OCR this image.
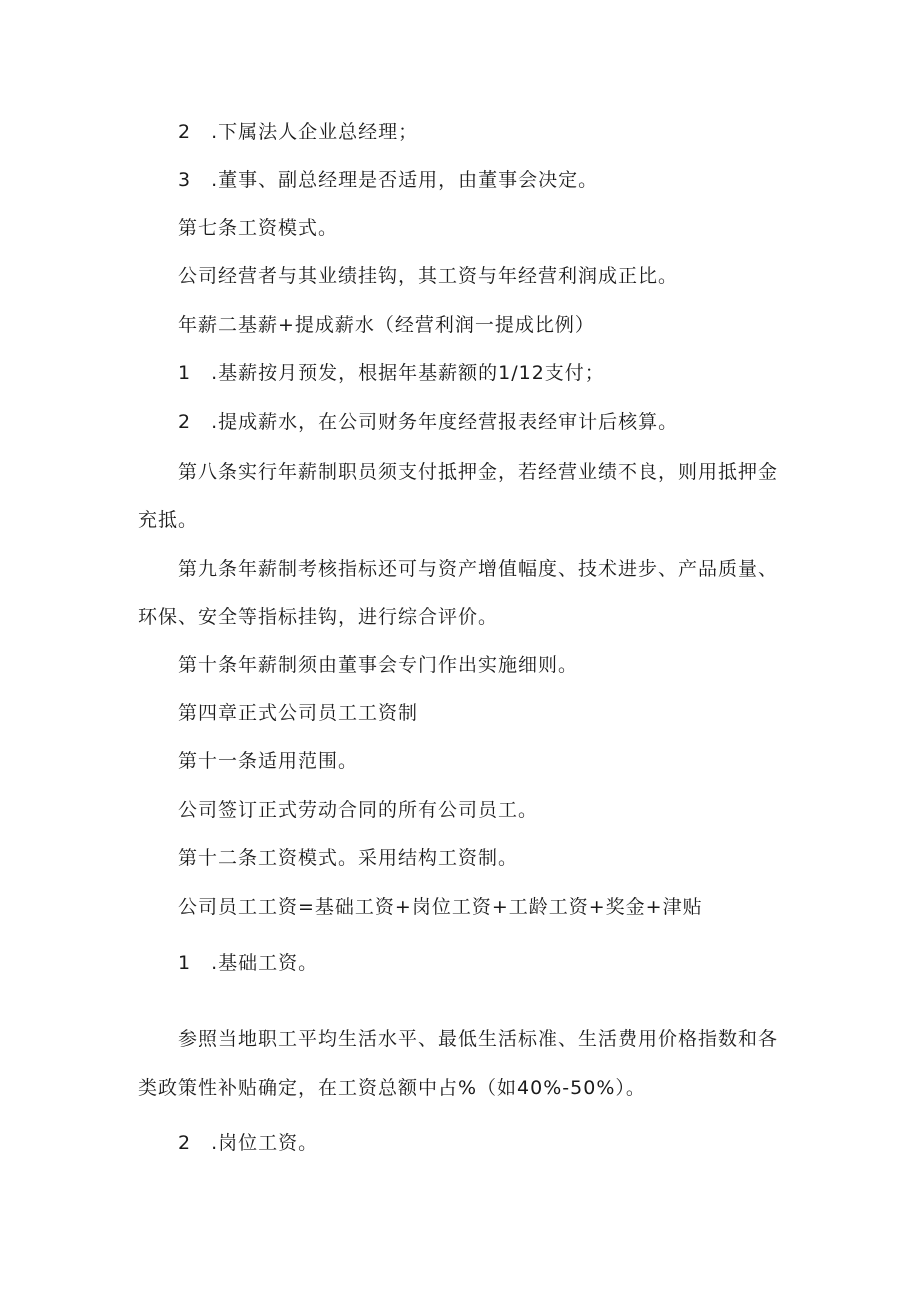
2　.下属法人企业总经理；
3　.董事、副总经理是否适用，由董事会决定。
第七条工资模式。
公司经营者与其业绩挂钩，其工资与年经营利润成正比。
年薪二基薪+提成薪水（经营利润一提成比例）
1　.基薪按月预发，根据年基薪额的1/12支付；
2　.提成薪水，在公司财务年度经营报表经审计后核算。
第八条实行年薪制职员须支付抵押金，若经营业绩不良，则用抵押金
充抵。
第九条年薪制考核指标还可与资产增值幅度、技术进步、产品质量、
环保、安全等指标挂钩，进行综合评价。
第十条年薪制须由董事会专门作出实施细则。
第四章正式公司员工工资制
第十一条适用范围。
公司签订正式劳动合同的所有公司员工。
第十二条工资模式。采用结构工资制。
公司员工工资=基础工资+岗位工资+工龄工资+奖金+津贴
1　.基础工资。
参照当地职工平均生活水平、最低生活标准、生活费用价格指数和各
类政策性补贴确定，在工资总额中占%（如40%-50%）。
2　.岗位工资。
